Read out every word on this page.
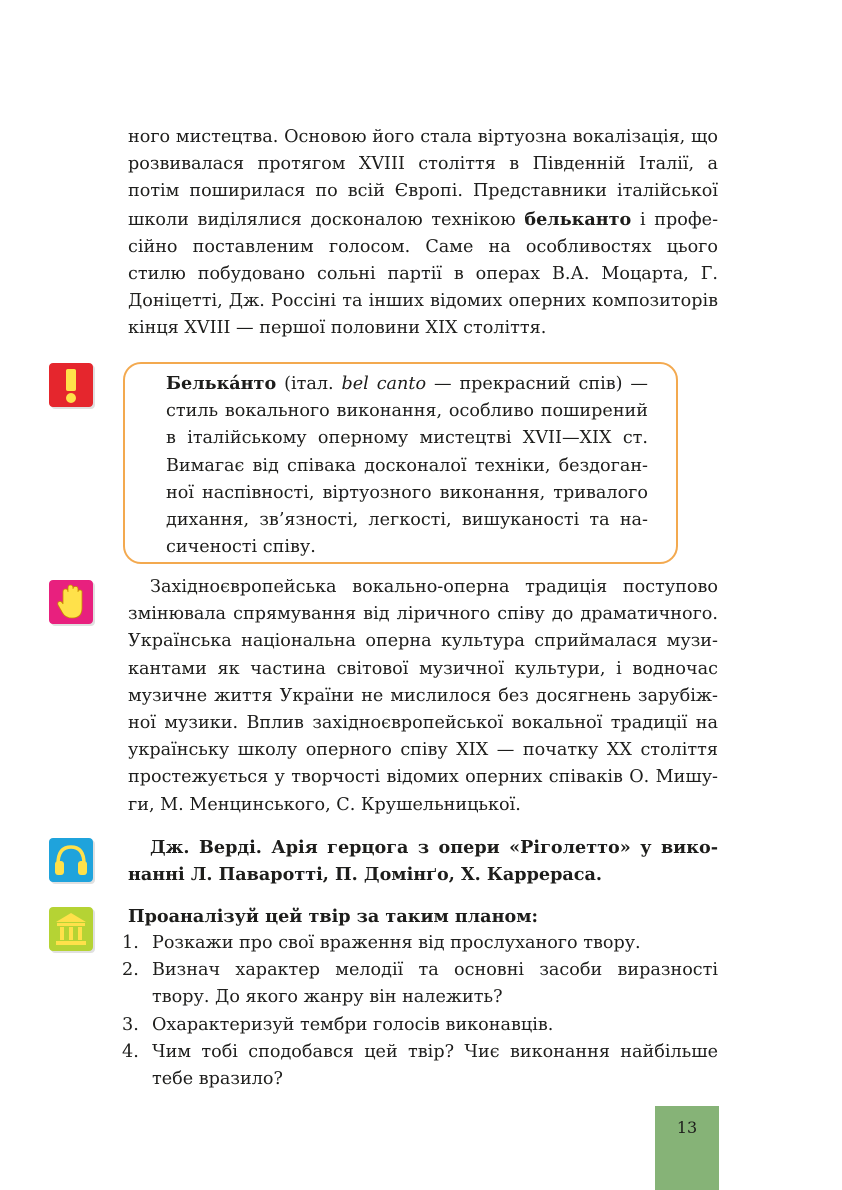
ного мистецтва. Основою його стала віртуозна вокалізація, що розвивалася протягом XVIII століття в Південній Італії, а потім поширилася по всій Європі. Представники італійської школи виділялися досконалою технікою бельканто і професійно поставленим голосом. Саме на особливостях цього стилю побудовано сольні партії в операх В.А. Моцарта, Г. Доніцетті, Дж. Россіні та інших відомих оперних композиторів кінця XVIII — першої половини XIX століття.

Белька́нто (італ. bel canto — прекрасний спів) — стиль вокального виконання, особливо поширений в італійському оперному мистецтві XVII—XIX ст. Вимагає від співака досконалої техніки, бездоганної наспівності, віртуозного виконання, тривалого дихання, зв’язності, легкості, вишуканості та насиченості співу.

Західноєвропейська вокально-оперна традиція поступово змінювала спрямування від ліричного співу до драматичного. Українська національна оперна культура сприймалася музикантами як частина світової музичної культури, і водночас музичне життя України не мислилося без досягнень зарубіжної музики. Вплив західноєвропейської вокальної традиції на українську школу оперного співу XIX — початку XX століття простежується у творчості відомих оперних співаків О. Мишуги, М. Менцинського, С. Крушельницької.

Дж. Верді. Арія герцога з опери «Ріголетто» у виконанні Л. Паваротті, П. Домінґо, Х. Каррераса.

Проаналізуй цей твір за таким планом:

1. Розкажи про свої враження від прослуханого твору.
2. Визнач характер мелодії та основні засоби виразності твору. До якого жанру він належить?
3. Охарактеризуй тембри голосів виконавців.
4. Чим тобі сподобався цей твір? Чиє виконання найбільше тебе вразило?
13
